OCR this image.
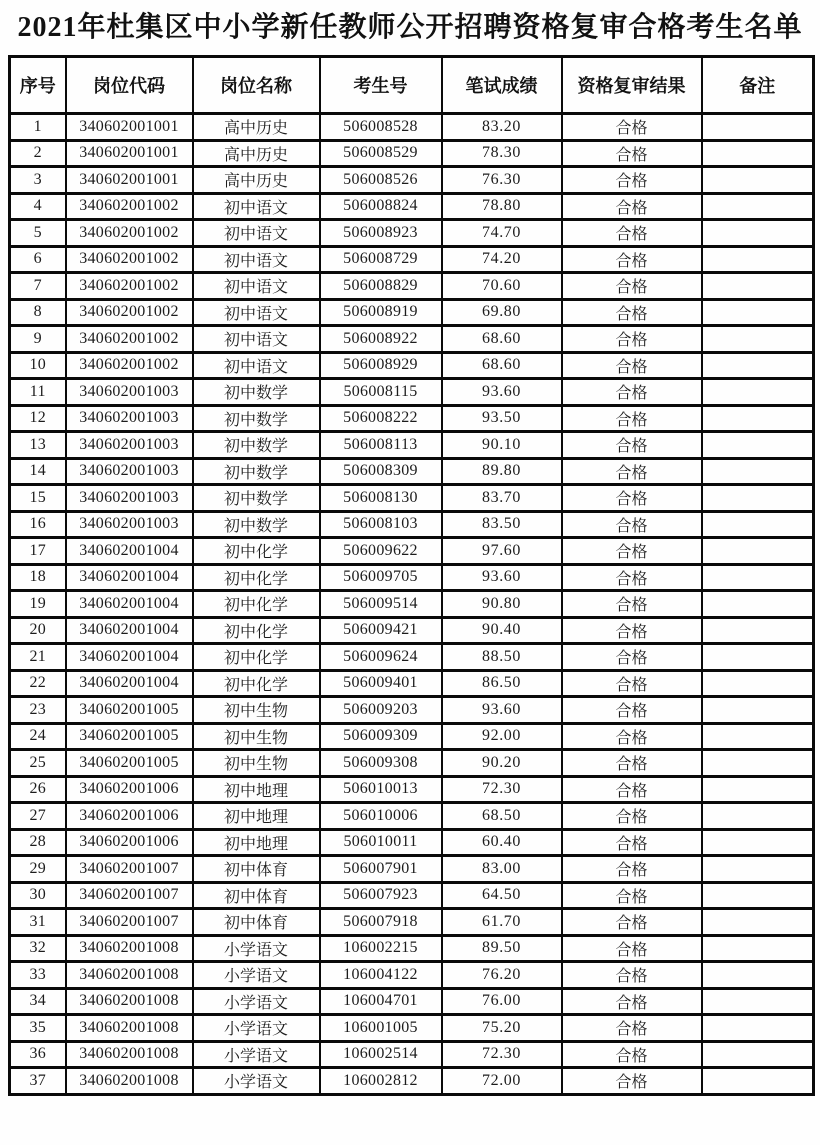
2021年杜集区中小学新任教师公开招聘资格复审合格考生名单
序号	岗位代码	岗位名称	考生号	笔试成绩	资格复审结果	备注
1	340602001001	高中历史	506008528	83.20	合格	
2	340602001001	高中历史	506008529	78.30	合格	
3	340602001001	高中历史	506008526	76.30	合格	
4	340602001002	初中语文	506008824	78.80	合格	
5	340602001002	初中语文	506008923	74.70	合格	
6	340602001002	初中语文	506008729	74.20	合格	
7	340602001002	初中语文	506008829	70.60	合格	
8	340602001002	初中语文	506008919	69.80	合格	
9	340602001002	初中语文	506008922	68.60	合格	
10	340602001002	初中语文	506008929	68.60	合格	
11	340602001003	初中数学	506008115	93.60	合格	
12	340602001003	初中数学	506008222	93.50	合格	
13	340602001003	初中数学	506008113	90.10	合格	
14	340602001003	初中数学	506008309	89.80	合格	
15	340602001003	初中数学	506008130	83.70	合格	
16	340602001003	初中数学	506008103	83.50	合格	
17	340602001004	初中化学	506009622	97.60	合格	
18	340602001004	初中化学	506009705	93.60	合格	
19	340602001004	初中化学	506009514	90.80	合格	
20	340602001004	初中化学	506009421	90.40	合格	
21	340602001004	初中化学	506009624	88.50	合格	
22	340602001004	初中化学	506009401	86.50	合格	
23	340602001005	初中生物	506009203	93.60	合格	
24	340602001005	初中生物	506009309	92.00	合格	
25	340602001005	初中生物	506009308	90.20	合格	
26	340602001006	初中地理	506010013	72.30	合格	
27	340602001006	初中地理	506010006	68.50	合格	
28	340602001006	初中地理	506010011	60.40	合格	
29	340602001007	初中体育	506007901	83.00	合格	
30	340602001007	初中体育	506007923	64.50	合格	
31	340602001007	初中体育	506007918	61.70	合格	
32	340602001008	小学语文	106002215	89.50	合格	
33	340602001008	小学语文	106004122	76.20	合格	
34	340602001008	小学语文	106004701	76.00	合格	
35	340602001008	小学语文	106001005	75.20	合格	
36	340602001008	小学语文	106002514	72.30	合格	
37	340602001008	小学语文	106002812	72.00	合格	
